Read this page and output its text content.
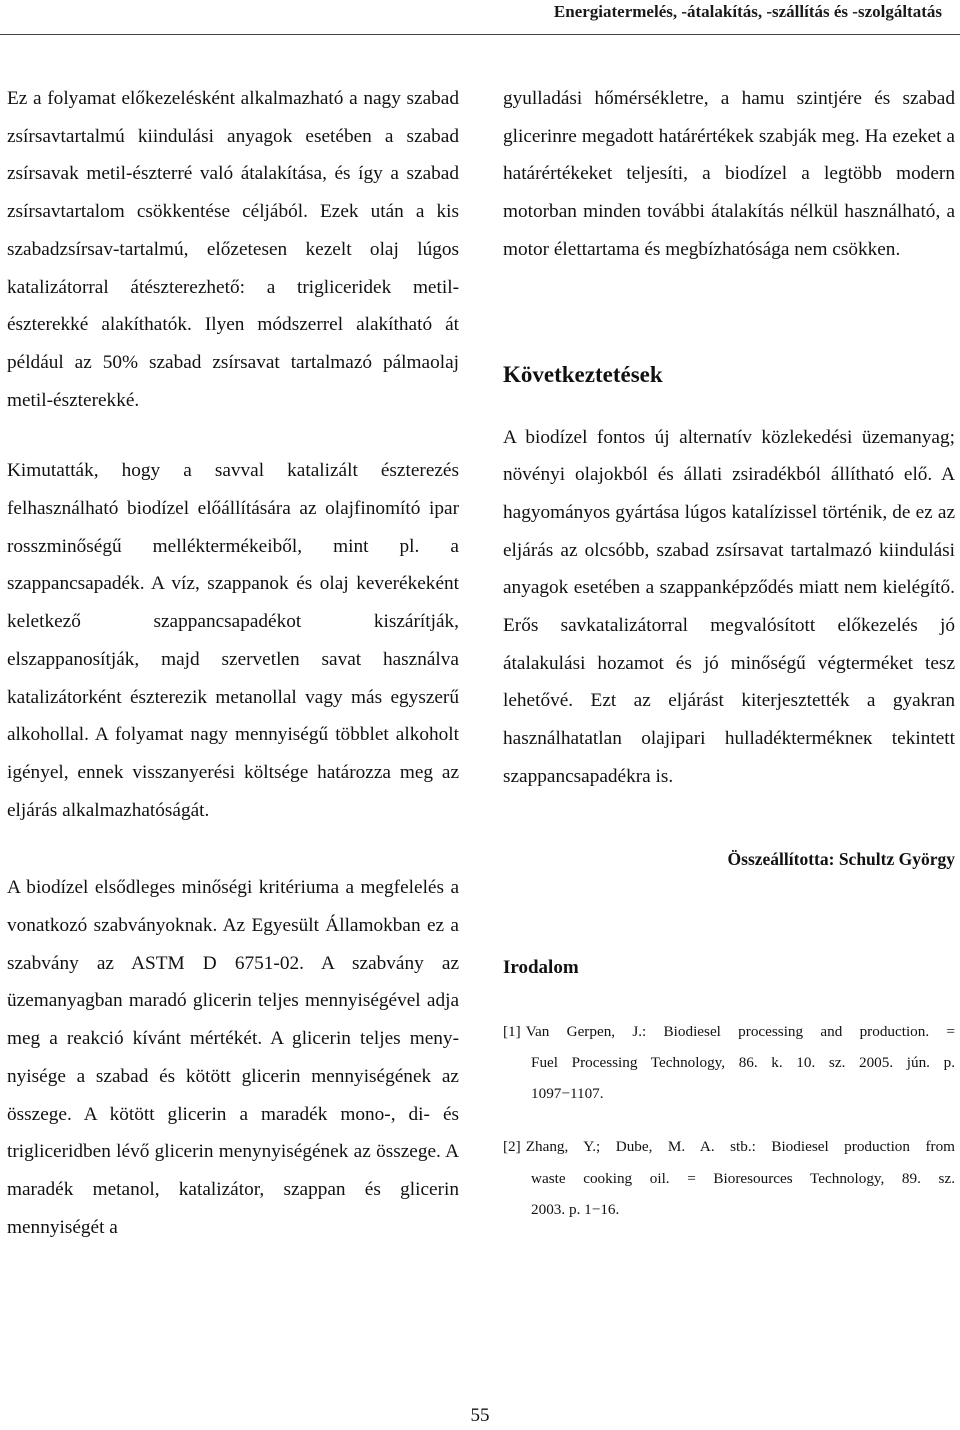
Energiatermelés, -átalakítás, -szállítás és -szolgáltatás

Ez a folyamat előkezelésként alkalmazható a nagy szabad zsírsavtartalmú kiindulási anyagok esetében a szabad zsírsavak metil-észterré való átalakítása, és így a szabad zsírsavtartalom csökkentése céljából. Ezek után a kis szabadzsírsav-tartalmú, előzetesen kezelt olaj lúgos katalizátorral átészterezhető: a trigliceridek metil-észterekké alakíthatók. Ilyen módszerrel alakítható át például az 50% szabad zsírsavat tartalmazó pálmaolaj metil-észterekké.

Kimutatták, hogy a savval katalizált észterezés felhasználható biodízel előállítására az olajfinomító ipar rosszminőségű melléktermékeiből, mint pl. a szappancsapadék. A víz, szappanok és olaj keverékeként keletkező szappancsapadékot kiszárítják, elszappanosítják, majd szervetlen savat használva katalizátorként észterezik metanollal vagy más egyszerű alkohollal. A folyamat nagy mennyiségű többlet alkoholt igényel, ennek visszanyerési költsége határozza meg az eljárás alkalmazhatóságát.

A biodízel elsődleges minőségi kritériuma a megfelelés a vonatkozó szabványoknak. Az Egyesült Államokban ez a szabvány az ASTM D 6751-02. A szabvány az üzemanyagban maradó glicerin teljes mennyiségével adja meg a reakció kívánt mértékét. A glicerin teljes menynyisége a szabad és kötött glicerin mennyiségének az összege. A kötött glicerin a maradék mono-, di- és trigliceridben lévő glicerin menynyiségének az összege. A maradék metanol, katalizátor, szappan és glicerin mennyiségét a

gyulladási hőmérsékletre, a hamu szintjére és szabad glicerinre megadott határértékek szabják meg. Ha ezeket a határértékeket teljesíti, a biodízel a legtöbb modern motorban minden további átalakítás nélkül használható, a motor élettartama és megbízhatósága nem csökken.

Következtetések

A biodízel fontos új alternatív közlekedési üzemanyag; növényi olajokból és állati zsiradékból állítható elő. A hagyományos gyártása lúgos katalízissel történik, de ez az eljárás az olcsóbb, szabad zsírsavat tartalmazó kiindulási anyagok esetében a szappanképződés miatt nem kielégítő. Erős savkatalizátorral megvalósított előkezelés jó átalakulási hozamot és jó minőségű végterméket tesz lehetővé. Ezt az eljárást kiterjesztették a gyakran használhatatlan olajipari hulladéktermékneк tekintett szappancsapadékra is.

Összeállította: Schultz György

Irodalom

[1] Van Gerpen, J.: Biodiesel processing and production. =
Fuel Processing Technology, 86. k. 10. sz. 2005. jún. p.
1097−1107.

[2] Zhang, Y.; Dube, M. A. stb.: Biodiesel production from
waste cooking oil. = Bioresources Technology, 89. sz.
2003. p. 1−16.

55
